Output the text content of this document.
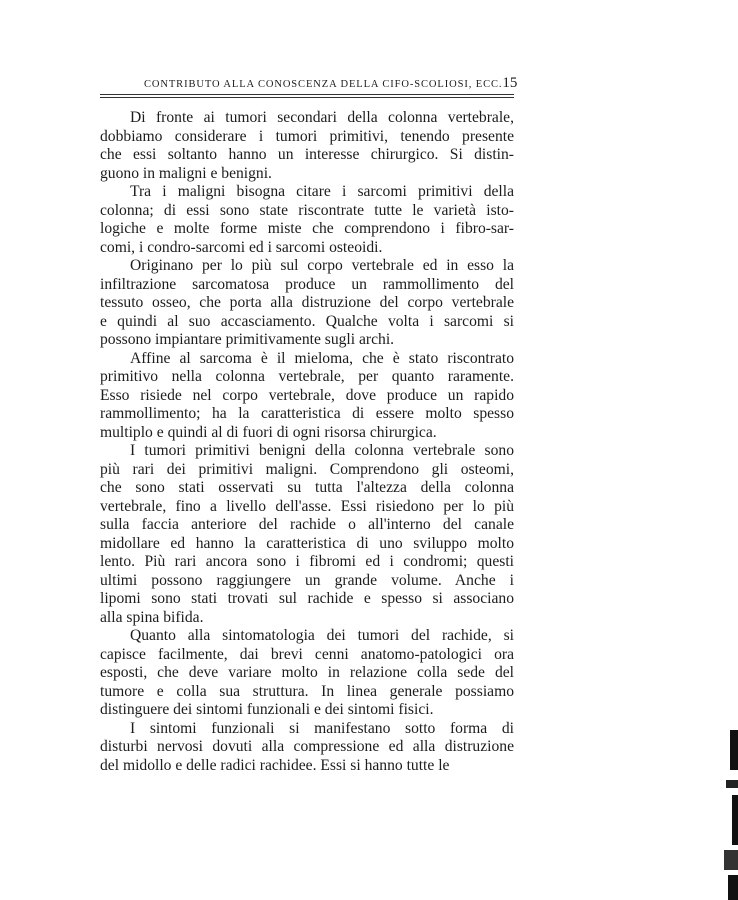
CONTRIBUTO ALLA CONOSCENZA DELLA CIFO-SCOLIOSI, ECC. 15

Di fronte ai tumori secondari della colonna vertebrale,
dobbiamo considerare i tumori primitivi, tenendo presente
che essi soltanto hanno un interesse chirurgico. Si distin-
guono in maligni e benigni.

Tra i maligni bisogna citare i sarcomi primitivi della
colonna; di essi sono state riscontrate tutte le varietà isto-
logiche e molte forme miste che comprendono i fibro-sar-
comi, i condro-sarcomi ed i sarcomi osteoidi.

Originano per lo più sul corpo vertebrale ed in esso la
infiltrazione sarcomatosa produce un rammollimento del
tessuto osseo, che porta alla distruzione del corpo vertebrale
e quindi al suo accasciamento. Qualche volta i sarcomi si
possono impiantare primitivamente sugli archi.

Affine al sarcoma è il mieloma, che è stato riscontrato
primitivo nella colonna vertebrale, per quanto raramente.
Esso risiede nel corpo vertebrale, dove produce un rapido
rammollimento; ha la caratteristica di essere molto spesso
multiplo e quindi al di fuori di ogni risorsa chirurgica.

I tumori primitivi benigni della colonna vertebrale sono
più rari dei primitivi maligni. Comprendono gli osteomi,
che sono stati osservati su tutta l'altezza della colonna
vertebrale, fino a livello dell'asse. Essi risiedono per lo più
sulla faccia anteriore del rachide o all'interno del canale
midollare ed hanno la caratteristica di uno sviluppo molto
lento. Più rari ancora sono i fibromi ed i condromi; questi
ultimi possono raggiungere un grande volume. Anche i
lipomi sono stati trovati sul rachide e spesso si associano
alla spina bifida.

Quanto alla sintomatologia dei tumori del rachide, si
capisce facilmente, dai brevi cenni anatomo-patologici ora
esposti, che deve variare molto in relazione colla sede del
tumore e colla sua struttura. In linea generale possiamo
distinguere dei sintomi funzionali e dei sintomi fisici.

I sintomi funzionali si manifestano sotto forma di
disturbi nervosi dovuti alla compressione ed alla distruzione
del midollo e delle radici rachidee. Essi si hanno tutte le
